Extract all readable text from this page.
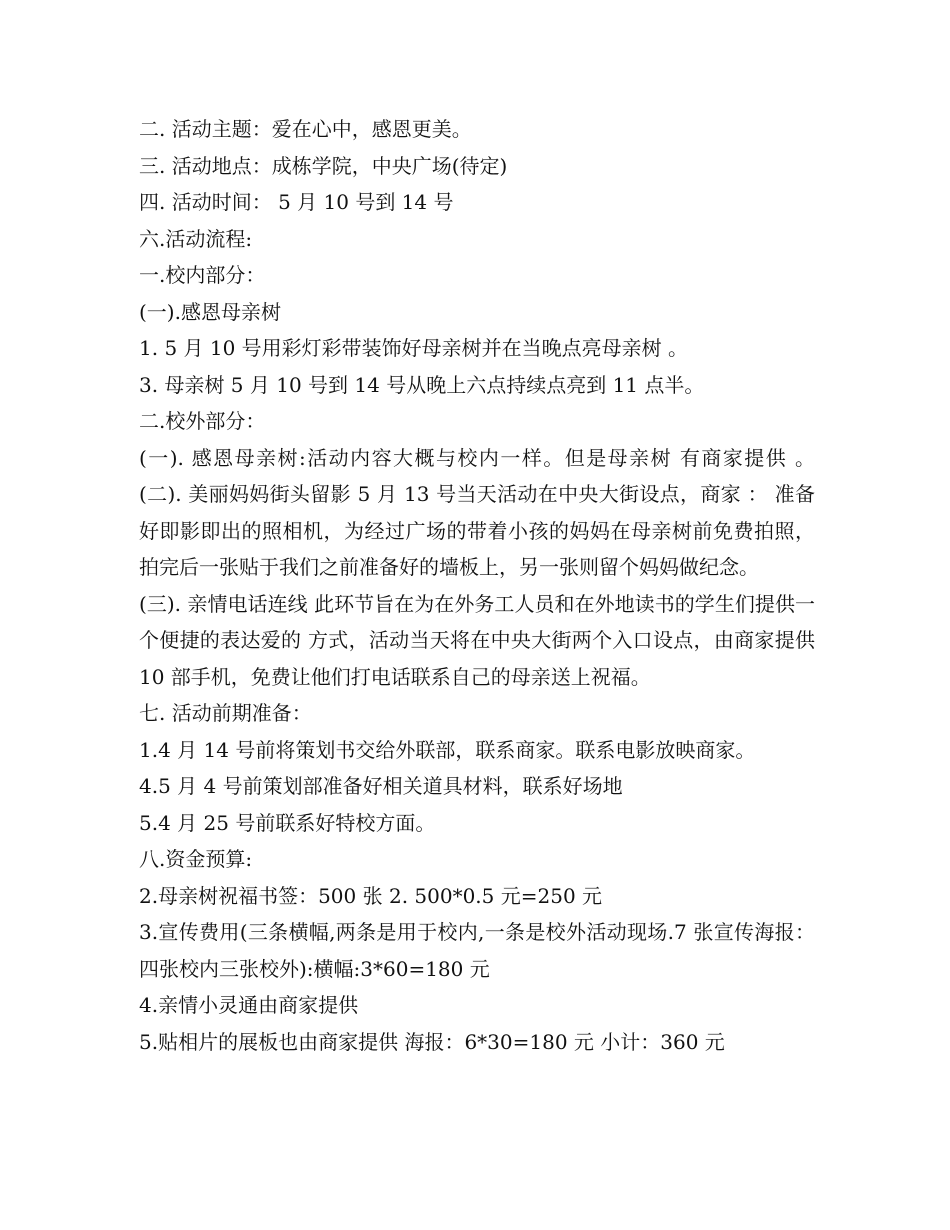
二. 活动主题：爱在心中，感恩更美。
三. 活动地点：成栋学院，中央广场(待定)
四. 活动时间： 5 月 10 号到 14 号
六.活动流程:
一.校内部分：
(一).感恩母亲树
1. 5 月 10 号用彩灯彩带装饰好母亲树并在当晚点亮母亲树 。
3. 母亲树 5 月 10 号到 14 号从晚上六点持续点亮到 11 点半。
二.校外部分：

(一). 感恩母亲树:活动内容大概与校内一样。但是母亲树 有商家提供 。 (二). 美丽妈妈街头留影 5 月 13 号当天活动在中央大街设点，商家 ： 准备好即影即出的照相机，为经过广场的带着小孩的妈妈在母亲树前免费拍照， 拍完后一张贴于我们之前准备好的墙板上，另一张则留个妈妈做纪念。

(三). 亲情电话连线 此环节旨在为在外务工人员和在外地读书的学生们提供一个便捷的表达爱的 方式，活动当天将在中央大街两个入口设点，由商家提供 10 部手机，免费让他们打电话联系自己的母亲送上祝福。

七. 活动前期准备：
1.4 月 14 号前将策划书交给外联部，联系商家。联系电影放映商家。
4.5 月 4 号前策划部准备好相关道具材料，联系好场地
5.4 月 25 号前联系好特校方面。
八.资金预算:
2.母亲树祝福书签：500 张 2. 500*0.5 元=250 元

3.宣传费用(三条横幅,两条是用于校内,一条是校外活动现场.7 张宣传海报： 四张校内三张校外):横幅:3*60=180 元

4.亲情小灵通由商家提供
5.贴相片的展板也由商家提供 海报：6*30=180 元 小计：360 元
